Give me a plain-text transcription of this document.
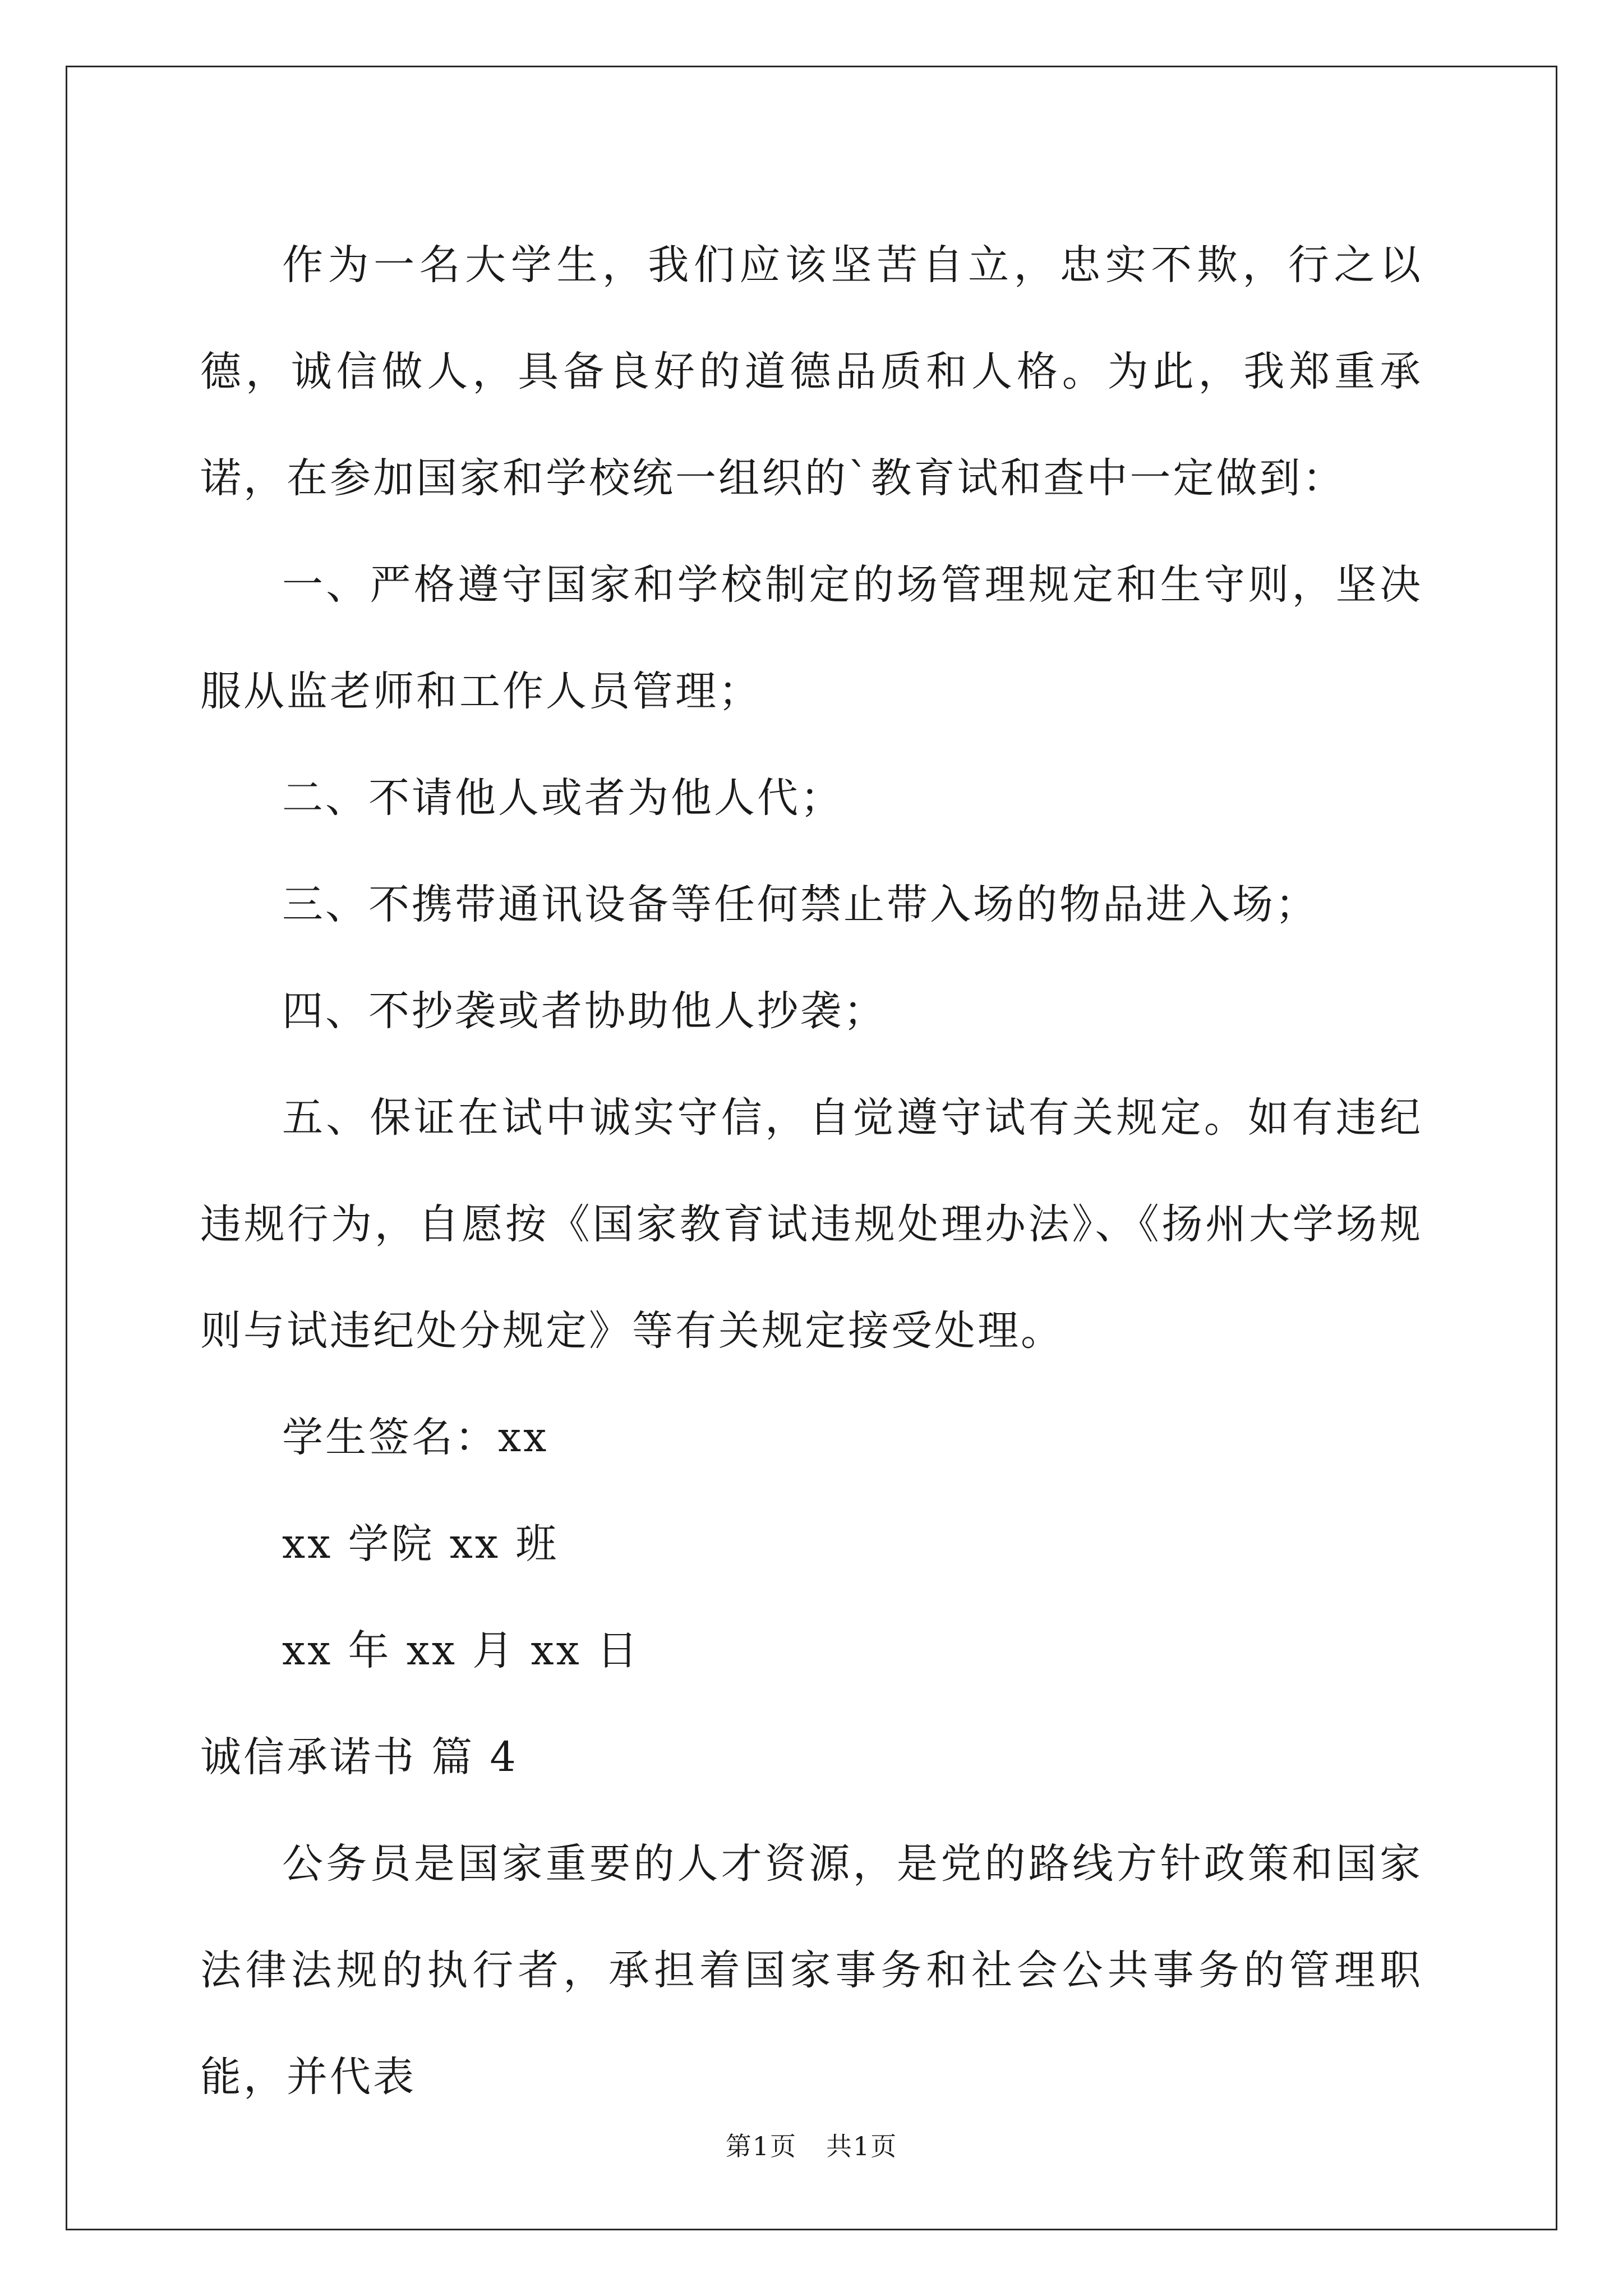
作为一名大学生，我们应该坚苦自立，忠实不欺，行之以德，诚信做人，具备良好的道德品质和人格。为此，我郑重承诺，在参加国家和学校统一组织的`教育试和查中一定做到：

一、严格遵守国家和学校制定的场管理规定和生守则，坚决服从监老师和工作人员管理；

二、不请他人或者为他人代；

三、不携带通讯设备等任何禁止带入场的物品进入场；

四、不抄袭或者协助他人抄袭；

五、保证在试中诚实守信，自觉遵守试有关规定。如有违纪违规行为，自愿按《国家教育试违规处理办法》、《扬州大学场规则与试违纪处分规定》等有关规定接受处理。

学生签名：xx

xx 学院 xx 班

xx 年 xx 月 xx 日

诚信承诺书 篇 4

公务员是国家重要的人才资源，是党的路线方针政策和国家法律法规的执行者，承担着国家事务和社会公共事务的管理职能，并代表

第1页 共1页
